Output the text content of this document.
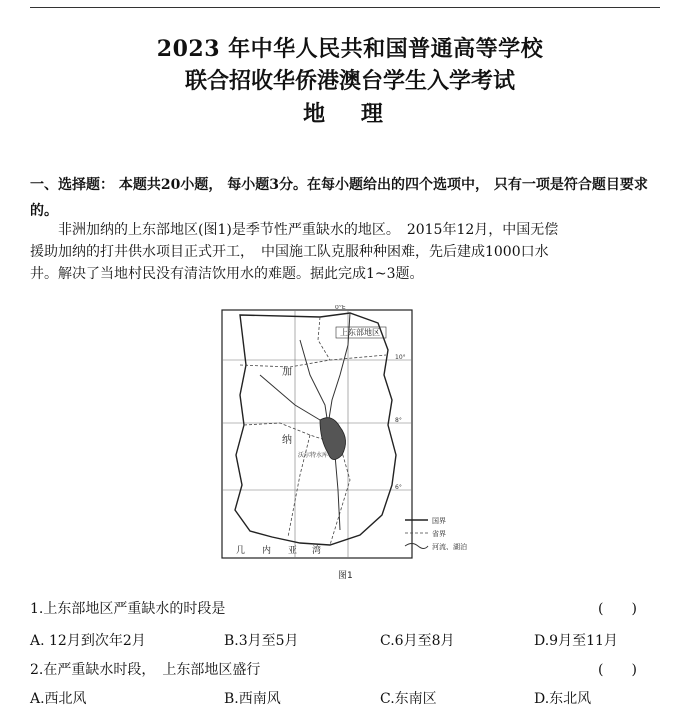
2023 年中华人民共和国普通高等学校
联合招收华侨港澳台学生入学考试
地 理
一、选择题： 本题共20小题， 每小题3分。在每小题给出的四个选项中， 只有一项是符合题目要求的。
非洲加纳的上东部地区(图1)是季节性严重缺水的地区。　2015年12月，中国无偿
援助加纳的打井供水项目正式开工，　中国施工队克服种种困难，先后建成1000口水
井。解决了当地村民没有清洁饮用水的难题。据此完成1~3题。
上东部地区
加
纳
沃尔特水库
0°E
10°
8°
6°
几 内 亚 湾
国界
省界
河流、湖泊
图1
1.上东部地区严重缺水的时段是	(　　)
A. 12月到次年2月	B.3月至5月	C.6月至8月	D.9月至11月
2.在严重缺水时段，　上东部地区盛行	(　　)
A.西北风	B.西南风	C.东南区	D.东北风
